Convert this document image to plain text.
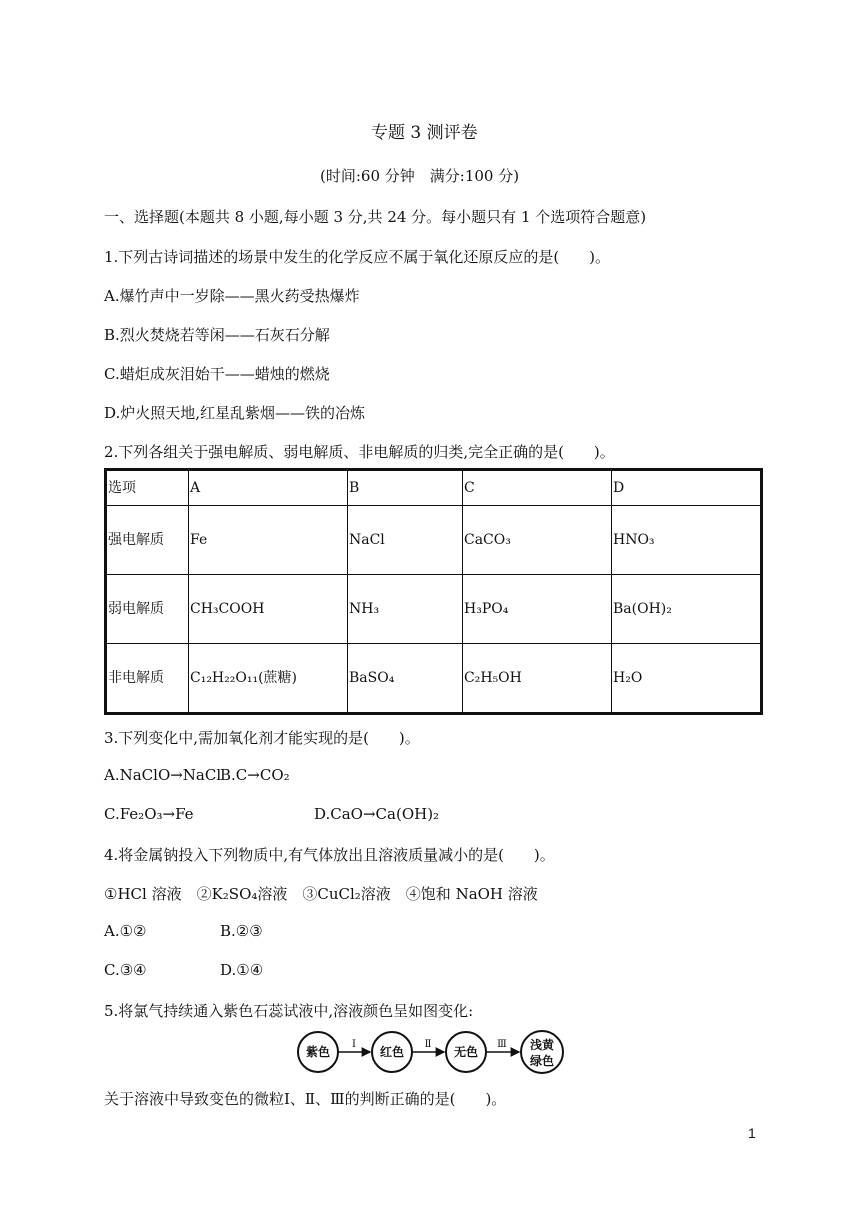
专题 3 测评卷
(时间:60 分钟　满分:100 分)
一、选择题(本题共 8 小题,每小题 3 分,共 24 分。每小题只有 1 个选项符合题意)
1.下列古诗词描述的场景中发生的化学反应不属于氧化还原反应的是(　　)。
A.爆竹声中一岁除——黑火药受热爆炸
B.烈火焚烧若等闲——石灰石分解
C.蜡炬成灰泪始干——蜡烛的燃烧
D.炉火照天地,红星乱紫烟——铁的冶炼
2.下列各组关于强电解质、弱电解质、非电解质的归类,完全正确的是(　　)。
选项	A	B	C	D
强电解质	Fe	NaCl	CaCO₃	HNO₃
弱电解质	CH₃COOH	NH₃	H₃PO₄	Ba(OH)₂
非电解质	C₁₂H₂₂O₁₁(蔗糖)	BaSO₄	C₂H₅OH	H₂O
3.下列变化中,需加氧化剂才能实现的是(　　)。
A.NaClO→NaCl
B.C→CO₂
C.Fe₂O₃→Fe	D.CaO→Ca(OH)₂
4.将金属钠投入下列物质中,有气体放出且溶液质量减小的是(　　)。
①HCl 溶液　②K₂SO₄溶液　③CuCl₂溶液　④饱和 NaOH 溶液
A.①②	B.②③
C.③④	D.①④
5.将氯气持续通入紫色石蕊试液中,溶液颜色呈如图变化:
紫色	红色	无色	浅黄
绿色
Ⅰ	Ⅱ	Ⅲ
关于溶液中导致变色的微粒Ⅰ、Ⅱ、Ⅲ的判断正确的是(　　)。
1
